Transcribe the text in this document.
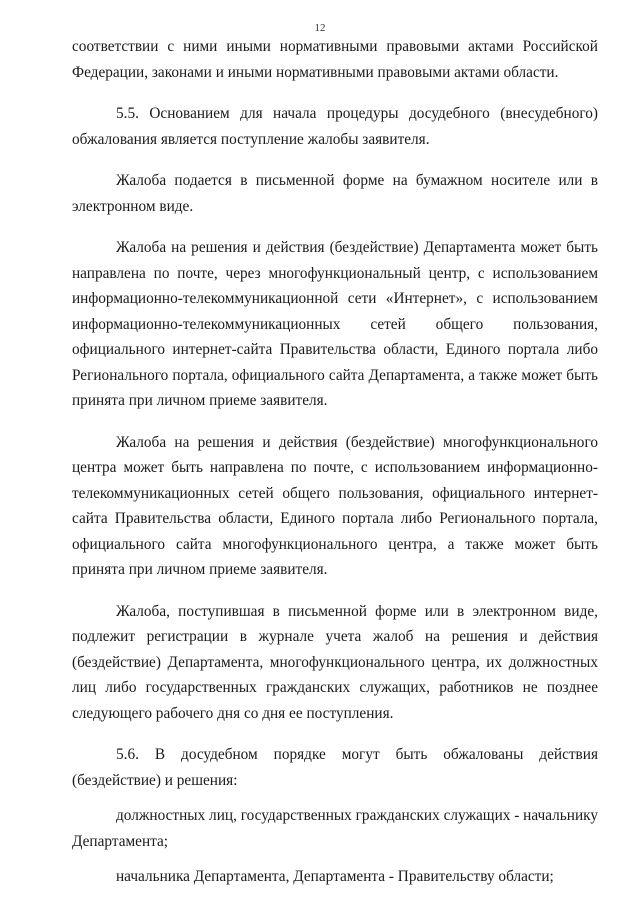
12

соответствии с ними иными нормативными правовыми актами Российской Федерации, законами и иными нормативными правовыми актами области.

5.5. Основанием для начала процедуры досудебного (внесудебного) обжалования является поступление жалобы заявителя.

Жалоба подается в письменной форме на бумажном носителе или в электронном виде.

Жалоба на решения и действия (бездействие) Департамента может быть направлена по почте, через многофункциональный центр, с использованием информационно-телекоммуникационной сети «Интернет», с использованием информационно-телекоммуникационных сетей общего пользования, официального интернет-сайта Правительства области, Единого портала либо Регионального портала, официального сайта Департамента, а также может быть принята при личном приеме заявителя.

Жалоба на решения и действия (бездействие) многофункционального центра может быть направлена по почте, с использованием информационно-телекоммуникационных сетей общего пользования, официального интернет-сайта Правительства области, Единого портала либо Регионального портала, официального сайта многофункционального центра, а также может быть принята при личном приеме заявителя.

Жалоба, поступившая в письменной форме или в электронном виде, подлежит регистрации в журнале учета жалоб на решения и действия (бездействие) Департамента, многофункционального центра, их должностных лиц либо государственных гражданских служащих, работников не позднее следующего рабочего дня со дня ее поступления.

5.6. В досудебном порядке могут быть обжалованы действия (бездействие) и решения:

должностных лиц, государственных гражданских служащих - начальнику Департамента;

начальника Департамента, Департамента - Правительству области;
